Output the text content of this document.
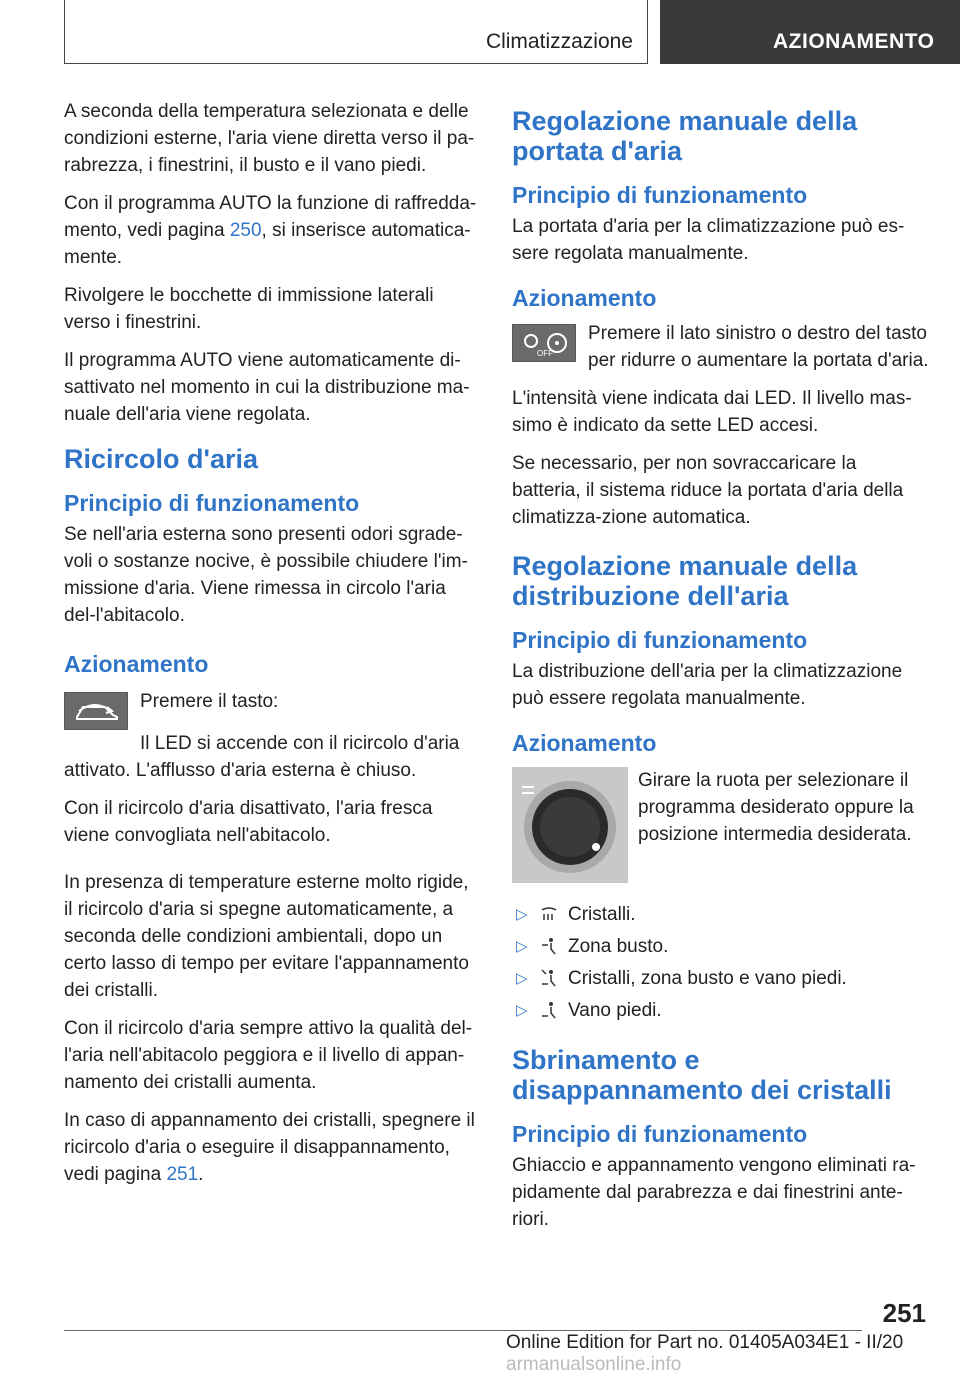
Climatizzazione	AZIONAMENTO

A seconda della temperatura selezionata e delle condizioni esterne, l'aria viene diretta verso il pa-rabrezza, i finestrini, il busto e il vano piedi.

Con il programma AUTO la funzione di raffredda-mento, vedi pagina 250, si inserisce automatica-mente.

Rivolgere le bocchette di immissione laterali verso i finestrini.

Il programma AUTO viene automaticamente di-sattivato nel momento in cui la distribuzione ma-nuale dell'aria viene regolata.

Ricircolo d'aria
Principio di funzionamento

Se nell'aria esterna sono presenti odori sgrade-voli o sostanze nocive, è possibile chiudere l'im-missione d'aria. Viene rimessa in circolo l'aria del-l'abitacolo.

Azionamento

Premere il tasto:

Il LED si accende con il ricircolo d'aria attivato. L'afflusso d'aria esterna è chiuso.

Con il ricircolo d'aria disattivato, l'aria fresca viene convogliata nell'abitacolo.

In presenza di temperature esterne molto rigide, il ricircolo d'aria si spegne automaticamente, a seconda delle condizioni ambientali, dopo un certo lasso di tempo per evitare l'appannamento dei cristalli.

Con il ricircolo d'aria sempre attivo la qualità del-l'aria nell'abitacolo peggiora e il livello di appan-namento dei cristalli aumenta.

In caso di appannamento dei cristalli, spegnere il ricircolo d'aria o eseguire il disappannamento, vedi pagina 251.

Regolazione manuale della portata d'aria
Principio di funzionamento

La portata d'aria per la climatizzazione può es-sere regolata manualmente.

Azionamento
OFF

Premere il lato sinistro o destro del tasto per ridurre o aumentare la portata d'aria.

L'intensità viene indicata dai LED. Il livello mas-simo è indicato da sette LED accesi.

Se necessario, per non sovraccaricare la batteria, il sistema riduce la portata d'aria della climatizza-zione automatica.

Regolazione manuale della distribuzione dell'aria
Principio di funzionamento

La distribuzione dell'aria per la climatizzazione può essere regolata manualmente.

Azionamento

Girare la ruota per selezionare il programma desiderato oppure la posizione intermedia desiderata.

▷ Cristalli.
▷ Zona busto.
▷ Cristalli, zona busto e vano piedi.
▷ Vano piedi.
Sbrinamento e disappannamento dei cristalli
Principio di funzionamento

Ghiaccio e appannamento vengono eliminati ra-pidamente dal parabrezza e dai finestrini ante-riori.

251
Online Edition for Part no. 01405A034E1 - II/20 armanualsonline.info
